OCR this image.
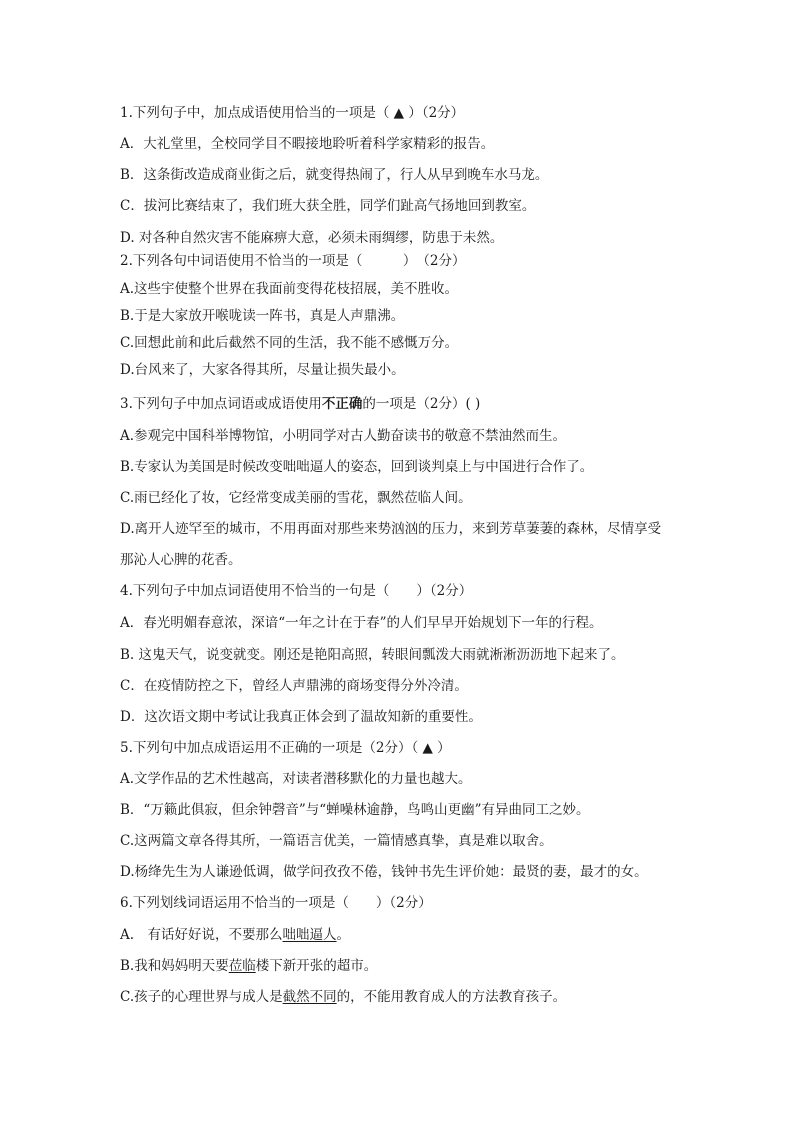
1.下列句子中，加点成语使用恰当的一项是（ ▲ ）（2分）
A．大礼堂里，全校同学目不暇接地聆听着科学家精彩的报告。
B．这条街改造成商业街之后，就变得热闹了，行人从早到晚车水马龙。
C．拔河比赛结束了，我们班大获全胜，同学们趾高气扬地回到教室。
D. 对各种自然灾害不能麻痹大意，必须未雨绸缪，防患于未然。
2.下列各句中词语使用不恰当的一项是（　　　）　（2分）
A.这些宇使整个世界在我面前变得花枝招展，美不胜收。
B.于是大家放开喉咙读一阵书，真是人声鼎沸。
C.回想此前和此后截然不同的生活，我不能不感慨万分。
D.台风来了，大家各得其所，尽量让损失最小。
3.下列句子中加点词语或成语使用不正确的一项是（2分）( )
A.参观完中国科举博物馆，小明同学对古人勤奋读书的敬意不禁油然而生。
B.专家认为美国是时候改变咄咄逼人的姿态，回到谈判桌上与中国进行合作了。
C.雨已经化了妆，它经常变成美丽的雪花，飘然莅临人间。
D.离开人迹罕至的城市，不用再面对那些来势汹汹的压力，来到芳草萋萋的森林，尽情享受
那沁人心脾的花香。
4.下列句子中加点词语使用不恰当的一句是（　　）（2分）
A．春光明媚春意浓，深谙“一年之计在于春”的人们早早开始规划下一年的行程。
B. 这鬼天气，说变就变。刚还是艳阳高照，转眼间瓢泼大雨就淅淅沥沥地下起来了。
C．在疫情防控之下，曾经人声鼎沸的商场变得分外冷清。
D．这次语文期中考试让我真正体会到了温故知新的重要性。
5.下列句中加点成语运用不正确的一项是（2分）（ ▲ ）
A.文学作品的艺术性越高，对读者潜移默化的力量也越大。
B．“万籁此俱寂，但余钟磬音”与“蝉噪林逾静，鸟鸣山更幽”有异曲同工之妙。
C.这两篇文章各得其所，一篇语言优美，一篇情感真挚，真是难以取舍。
D.杨绛先生为人谦逊低调，做学问孜孜不倦，钱钟书先生评价她：最贤的妻，最才的女。
6.下列划线词语运用不恰当的一项是（　　）（2分）
A.　有话好好说，不要那么咄咄逼人。
B.我和妈妈明天要莅临楼下新开张的超市。
C.孩子的心理世界与成人是截然不同的，不能用教育成人的方法教育孩子。
